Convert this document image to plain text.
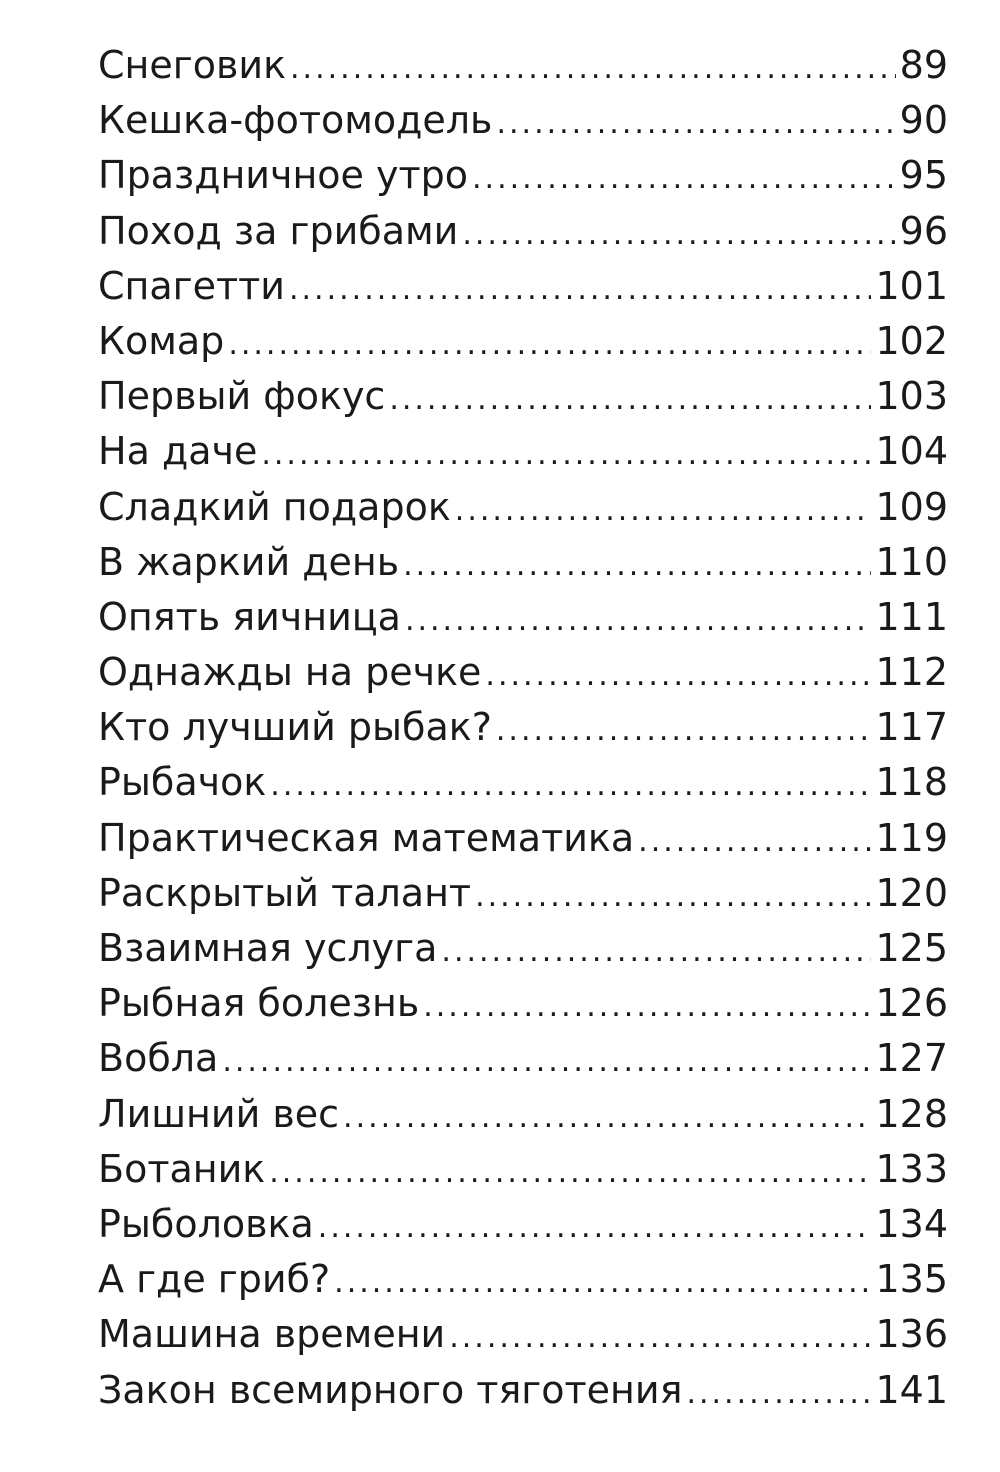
Снеговик .....	89
Кешка-фотомодель .....	90
Праздничное утро .....	95
Поход за грибами .....	96
Спагетти .....	101
Комар .....	102
Первый фокус .....	103
На даче .....	104
Сладкий подарок .....	109
В жаркий день .....	110
Опять яичница .....	111
Однажды на речке .....	112
Кто лучший рыбак? .....	117
Рыбачок .....	118
Практическая математика .....	119
Раскрытый талант .....	120
Взаимная услуга .....	125
Рыбная болезнь .....	126
Вобла .....	127
Лишний вес .....	128
Ботаник .....	133
Рыболовка .....	134
А где гриб? .....	135
Машина времени .....	136
Закон всемирного тяготения .....	141
